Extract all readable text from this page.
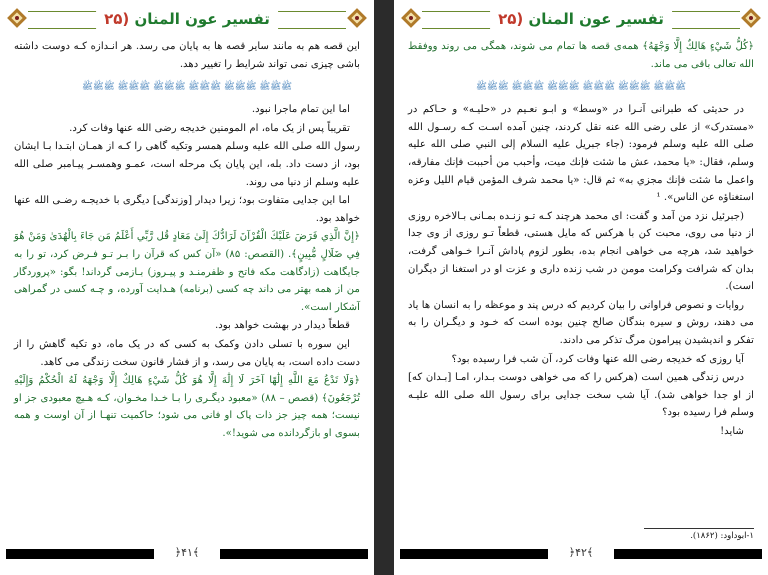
تفسیر عون المنان (۲۵

این قصه هم به مانند سایر قصه ها به پایان می رسد. هر انـدازه کـه دوست داشته باشی چیزی نمی تواند شرایط را تغییر دهد.

ﷺﷺﷺ ﷺﷺﷺ ﷺﷺﷺ ﷺﷺﷺ ﷺﷺﷺ ﷺﷺﷺ

اما این تمام ماجرا نبود.

تقریباً پس از یک ماه، ام المومنین خدیجه رضی الله عنها وفات کرد.

رسول الله صلی الله علیه وسلم همسر وتکیه گاهی را کـه از همـان ابتـدا بـا ایشان بود، از دست داد. بله، این پایان یک مرحله است، عمـو وهمسـر پیـامبر صلی الله علیه وسلم از دنیا می روند.

اما این جدایی متفاوت بود؛ زیرا دیدار [وزندگی] دیگری با خدیجـه رضـی الله عنها خواهد بود.

﴿إِنَّ الَّذِي فَرَضَ عَلَيْكَ الْقُرْآنَ لَرَادُّكَ إِلَىٰ مَعَادٍ قُل رَّبِّي أَعْلَمُ مَن جَاءَ بِالْهُدَىٰ وَمَنْ هُوَ فِي ضَلَالٍ مُّبِينٍ﴾. (القصص: ۸۵) «آن کس که قرآن را بـر تـو فـرض کرد، تو را به جایگاهت (زادگاهت مکه فاتح و ظفرمنـد و پیـروز) بـازمی گرداند! بگو: «پروردگار من از همه بهتر می داند چه کسی (برنامه) هـدایت آورده، و چـه کسی در گمراهی آشکار است».

قطعاً دیدار در بهشت خواهد بود.

این سوره با تسلی دادن وکمک به کسی که در یک ماه، دو تکیه گاهش را از دست داده است، به پایان می رسد، و از فشار قانون سخت زندگی می کاهد.

﴿وَلَا تَدْعُ مَعَ اللَّهِ إِلَٰهًا آخَرَ لَا إِلَٰهَ إِلَّا هُوَ كُلُّ شَيْءٍ هَالِكٌ إِلَّا وَجْهَهُ لَهُ الْحُكْمُ وَإِلَيْهِ تُرْجَعُونَ﴾ (قصص – ۸۸) «معبود دیگـری را بـا خـدا مخـوان، کـه هـیچ معبودی جز او نیست؛ همه چیز جز ذات پاک او فانی می شود؛ حاکمیت تنهـا از آن اوست و همه بسوی او بازگردانده می شوید!».

﴿۴۱﴾
تفسیر عون المنان (۲۵

﴿كُلُّ شَيْءٍ هَالِكٌ إِلَّا وَجْهَهُ﴾ همه‌ی قصه ها تمام می شوند، همگی می روند ووفقط الله تعالی باقی می ماند.

ﷺﷺﷺ ﷺﷺﷺ ﷺﷺﷺ ﷺﷺﷺ ﷺﷺﷺ ﷺﷺﷺ

در حدیثی که طبرانی آنـرا در «وسط» و ابـو نعـیم در «حلیـه» و حـاکم در «مستدرک» از علی رضی الله عنه نقل کردند، چنین آمده اسـت کـه رسـول الله صلی الله علیه وسلم فرمود: (جاء جبريل عليه السلام إلى النبي صلى الله عليه وسلم، فقال: «يا محمد، عش ما شئت فإنك ميت، وأحبب من أحببت فإنك مفارقه، واعمل ما شئت فإنك مجزي به» ثم قال: «يا محمد شرف المؤمن قيام الليل وعزه استغناؤه عن الناس». ¹

(جبرئیل نزد من آمد و گفت: ای محمد هرچند کـه تـو زنـده بمـانی بـالاخره روزی از دنیا می روی، محبت کن با هرکس که مایل هستی، قطعاً تـو روزی از وی جدا خواهید شد، هرچه می خواهی انجام بده، بطور لزوم پاداش آنـرا خـواهی گرفت، بدان که شرافت وکرامت مومن در شب زنده داری و عزت او در استغنا از دیگران است).

روایات و نصوص فراوانی را بیان کردیم که درس پند و موعظه را به انسان ها یاد می دهند، روش و سیره بندگان صالح چنین بوده است که خـود و دیگـران را به تفکر و اندیشیدن پیرامون مرگ تذکر می دادند.

آیا روزی که خدیجه رضی الله عنها وفات کرد، آن شب فرا رسیده بود؟

درس زندگی همین است (هرکس را که می خواهی دوست بـدار، امـا [بـدان که] از او جدا خواهی شد). آیا شب سخت جدایی برای رسول الله صلی الله علیـه وسلم فرا رسیده بود؟

شاید!

۱-ابوداود: (۱۸۶۲).
﴿۴۲﴾
